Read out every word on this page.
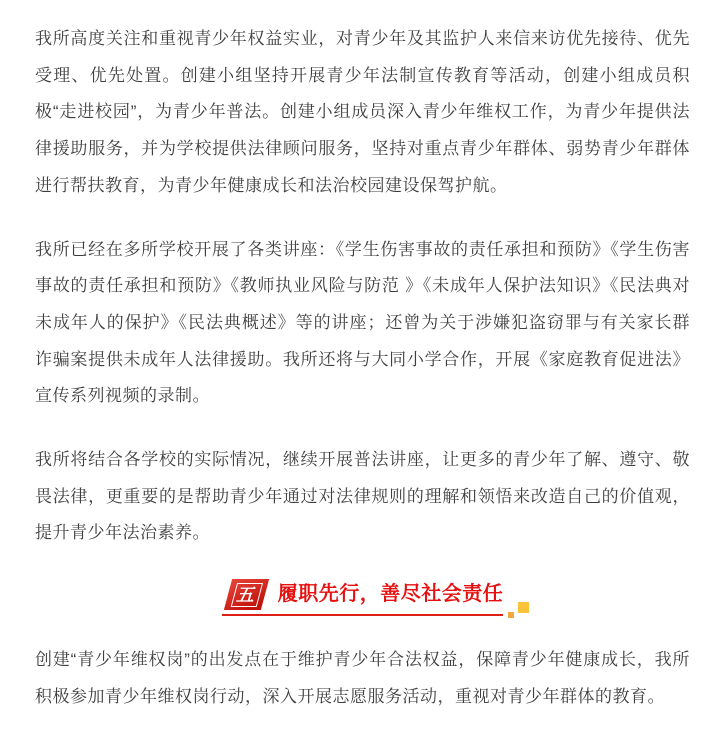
我所高度关注和重视青少年权益实业，对青少年及其监护人来信来访优先接待、优先受理、优先处置。创建小组坚持开展青少年法制宣传教育等活动，创建小组成员积极“走进校园”，为青少年普法。创建小组成员深入青少年维权工作，为青少年提供法律援助服务，并为学校提供法律顾问服务，坚持对重点青少年群体、弱势青少年群体进行帮扶教育，为青少年健康成长和法治校园建设保驾护航。

我所已经在多所学校开展了各类讲座：《学生伤害事故的责任承担和预防》《学生伤害事故的责任承担和预防》《教师执业风险与防范 》《未成年人保护法知识》《民法典对未成年人的保护》《民法典概述》等的讲座；还曾为关于涉嫌犯盗窃罪与有关家长群诈骗案提供未成年人法律援助。我所还将与大同小学合作，开展《家庭教育促进法》宣传系列视频的录制。

我所将结合各学校的实际情况，继续开展普法讲座，让更多的青少年了解、遵守、敬畏法律，更重要的是帮助青少年通过对法律规则的理解和领悟来改造自己的价值观，提升青少年法治素养。

五 履职先行，善尽社会责任

创建“青少年维权岗”的出发点在于维护青少年合法权益，保障青少年健康成长，我所积极参加青少年维权岗行动，深入开展志愿服务活动，重视对青少年群体的教育。
